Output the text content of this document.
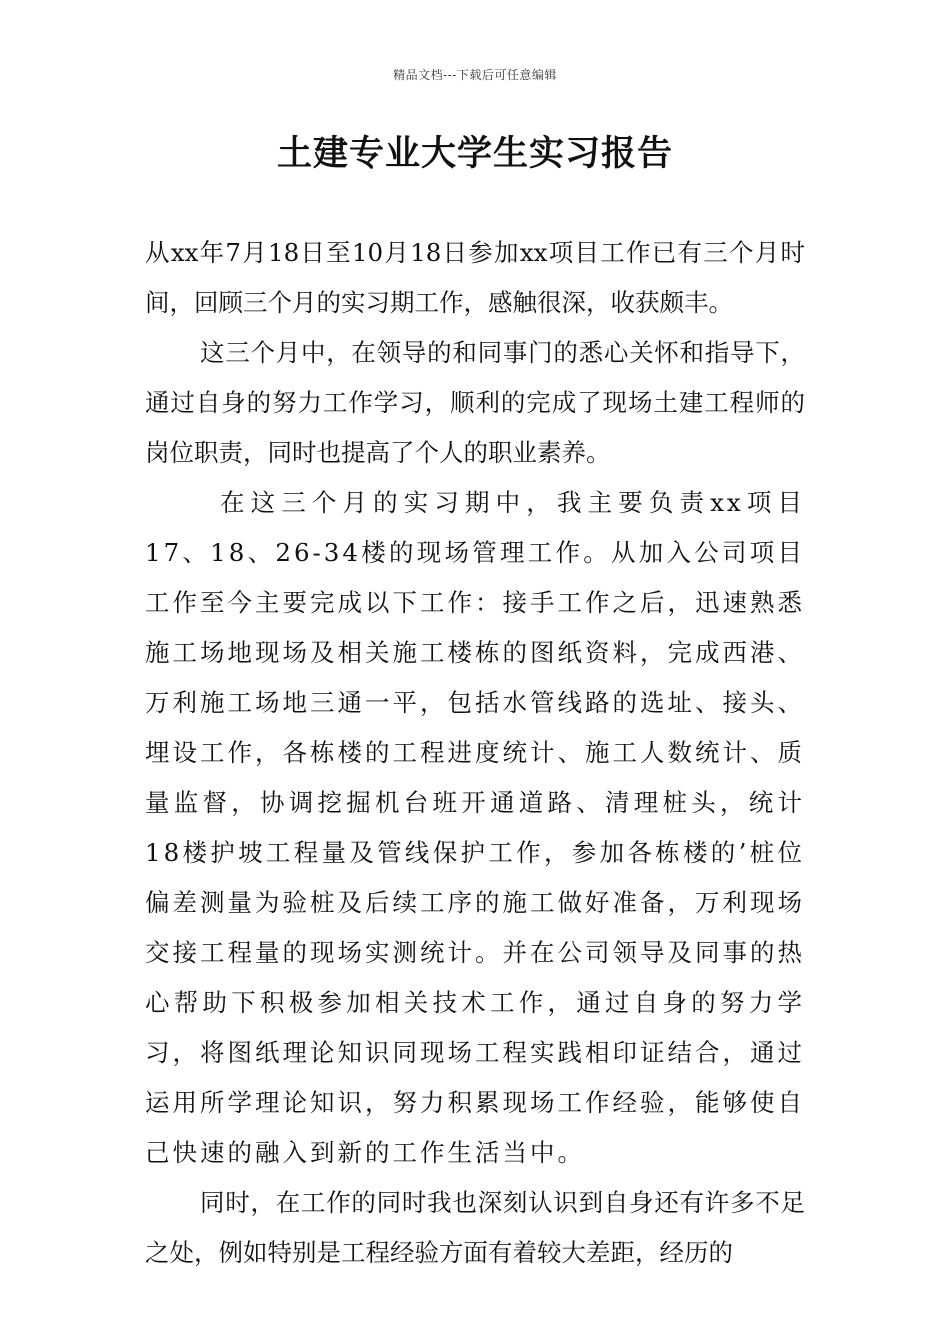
精品文档---下载后可任意编辑
土建专业大学生实习报告

从xx年7月18日至10月18日参加xx项目工作已有三个月时间，回顾三个月的实习期工作，感触很深，收获颇丰。

这三个月中，在领导的和同事门的悉心关怀和指导下，通过自身的努力工作学习，顺利的完成了现场土建工程师的岗位职责，同时也提高了个人的职业素养。

在这三个月的实习期中，我主要负责xx项目17、18、26-34楼的现场管理工作。从加入公司项目工作至今主要完成以下工作：接手工作之后，迅速熟悉施工场地现场及相关施工楼栋的图纸资料，完成西港、万利施工场地三通一平，包括水管线路的选址、接头、埋设工作，各栋楼的工程进度统计、施工人数统计、质量监督，协调挖掘机台班开通道路、清理桩头，统计18楼护坡工程量及管线保护工作，参加各栋楼的’桩位偏差测量为验桩及后续工序的施工做好准备，万利现场交接工程量的现场实测统计。并在公司领导及同事的热心帮助下积极参加相关技术工作，通过自身的努力学习，将图纸理论知识同现场工程实践相印证结合，通过运用所学理论知识，努力积累现场工作经验，能够使自己快速的融入到新的工作生活当中。

同时，在工作的同时我也深刻认识到自身还有许多不足之处，例如特别是工程经验方面有着较大差距，经历的
